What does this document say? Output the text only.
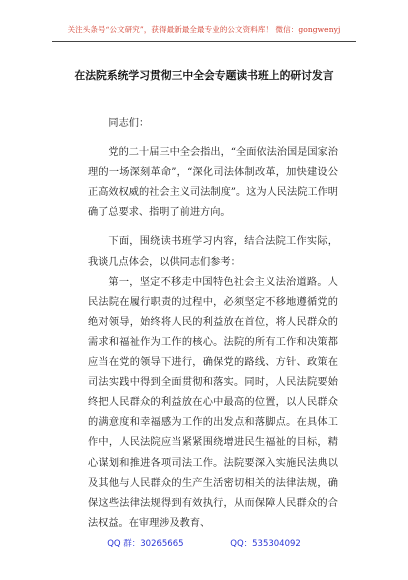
关注头条号“公文研究”，获得最新最全最专业的公文资料库！ 微信：gongwenyj
在法院系统学习贯彻三中全会专题读书班上的研讨发言

同志们：

党的二十届三中全会指出，“全面依法治国是国家治理的一场深刻革命”，“深化司法体制改革，加快建设公正高效权威的社会主义司法制度”。这为人民法院工作明确了总要求、指明了前进方向。

下面，围绕读书班学习内容，结合法院工作实际，我谈几点体会，以供同志们参考：

第一，坚定不移走中国特色社会主义法治道路。人民法院在履行职责的过程中，必须坚定不移地遵循党的绝对领导，始终将人民的利益放在首位，将人民群众的需求和福祉作为工作的核心。法院的所有工作和决策都应当在党的领导下进行，确保党的路线、方针、政策在司法实践中得到全面贯彻和落实。同时，人民法院要始终把人民群众的利益放在心中最高的位置，以人民群众的满意度和幸福感为工作的出发点和落脚点。在具体工作中，人民法院应当紧紧围绕增进民生福祉的目标，精心谋划和推进各项司法工作。法院要深入实施民法典以及其他与人民群众的生产生活密切相关的法律法规，确保这些法律法规得到有效执行，从而保障人民群众的合法权益。在审理涉及教育、

QQ 群：30265665	QQ：535304092
